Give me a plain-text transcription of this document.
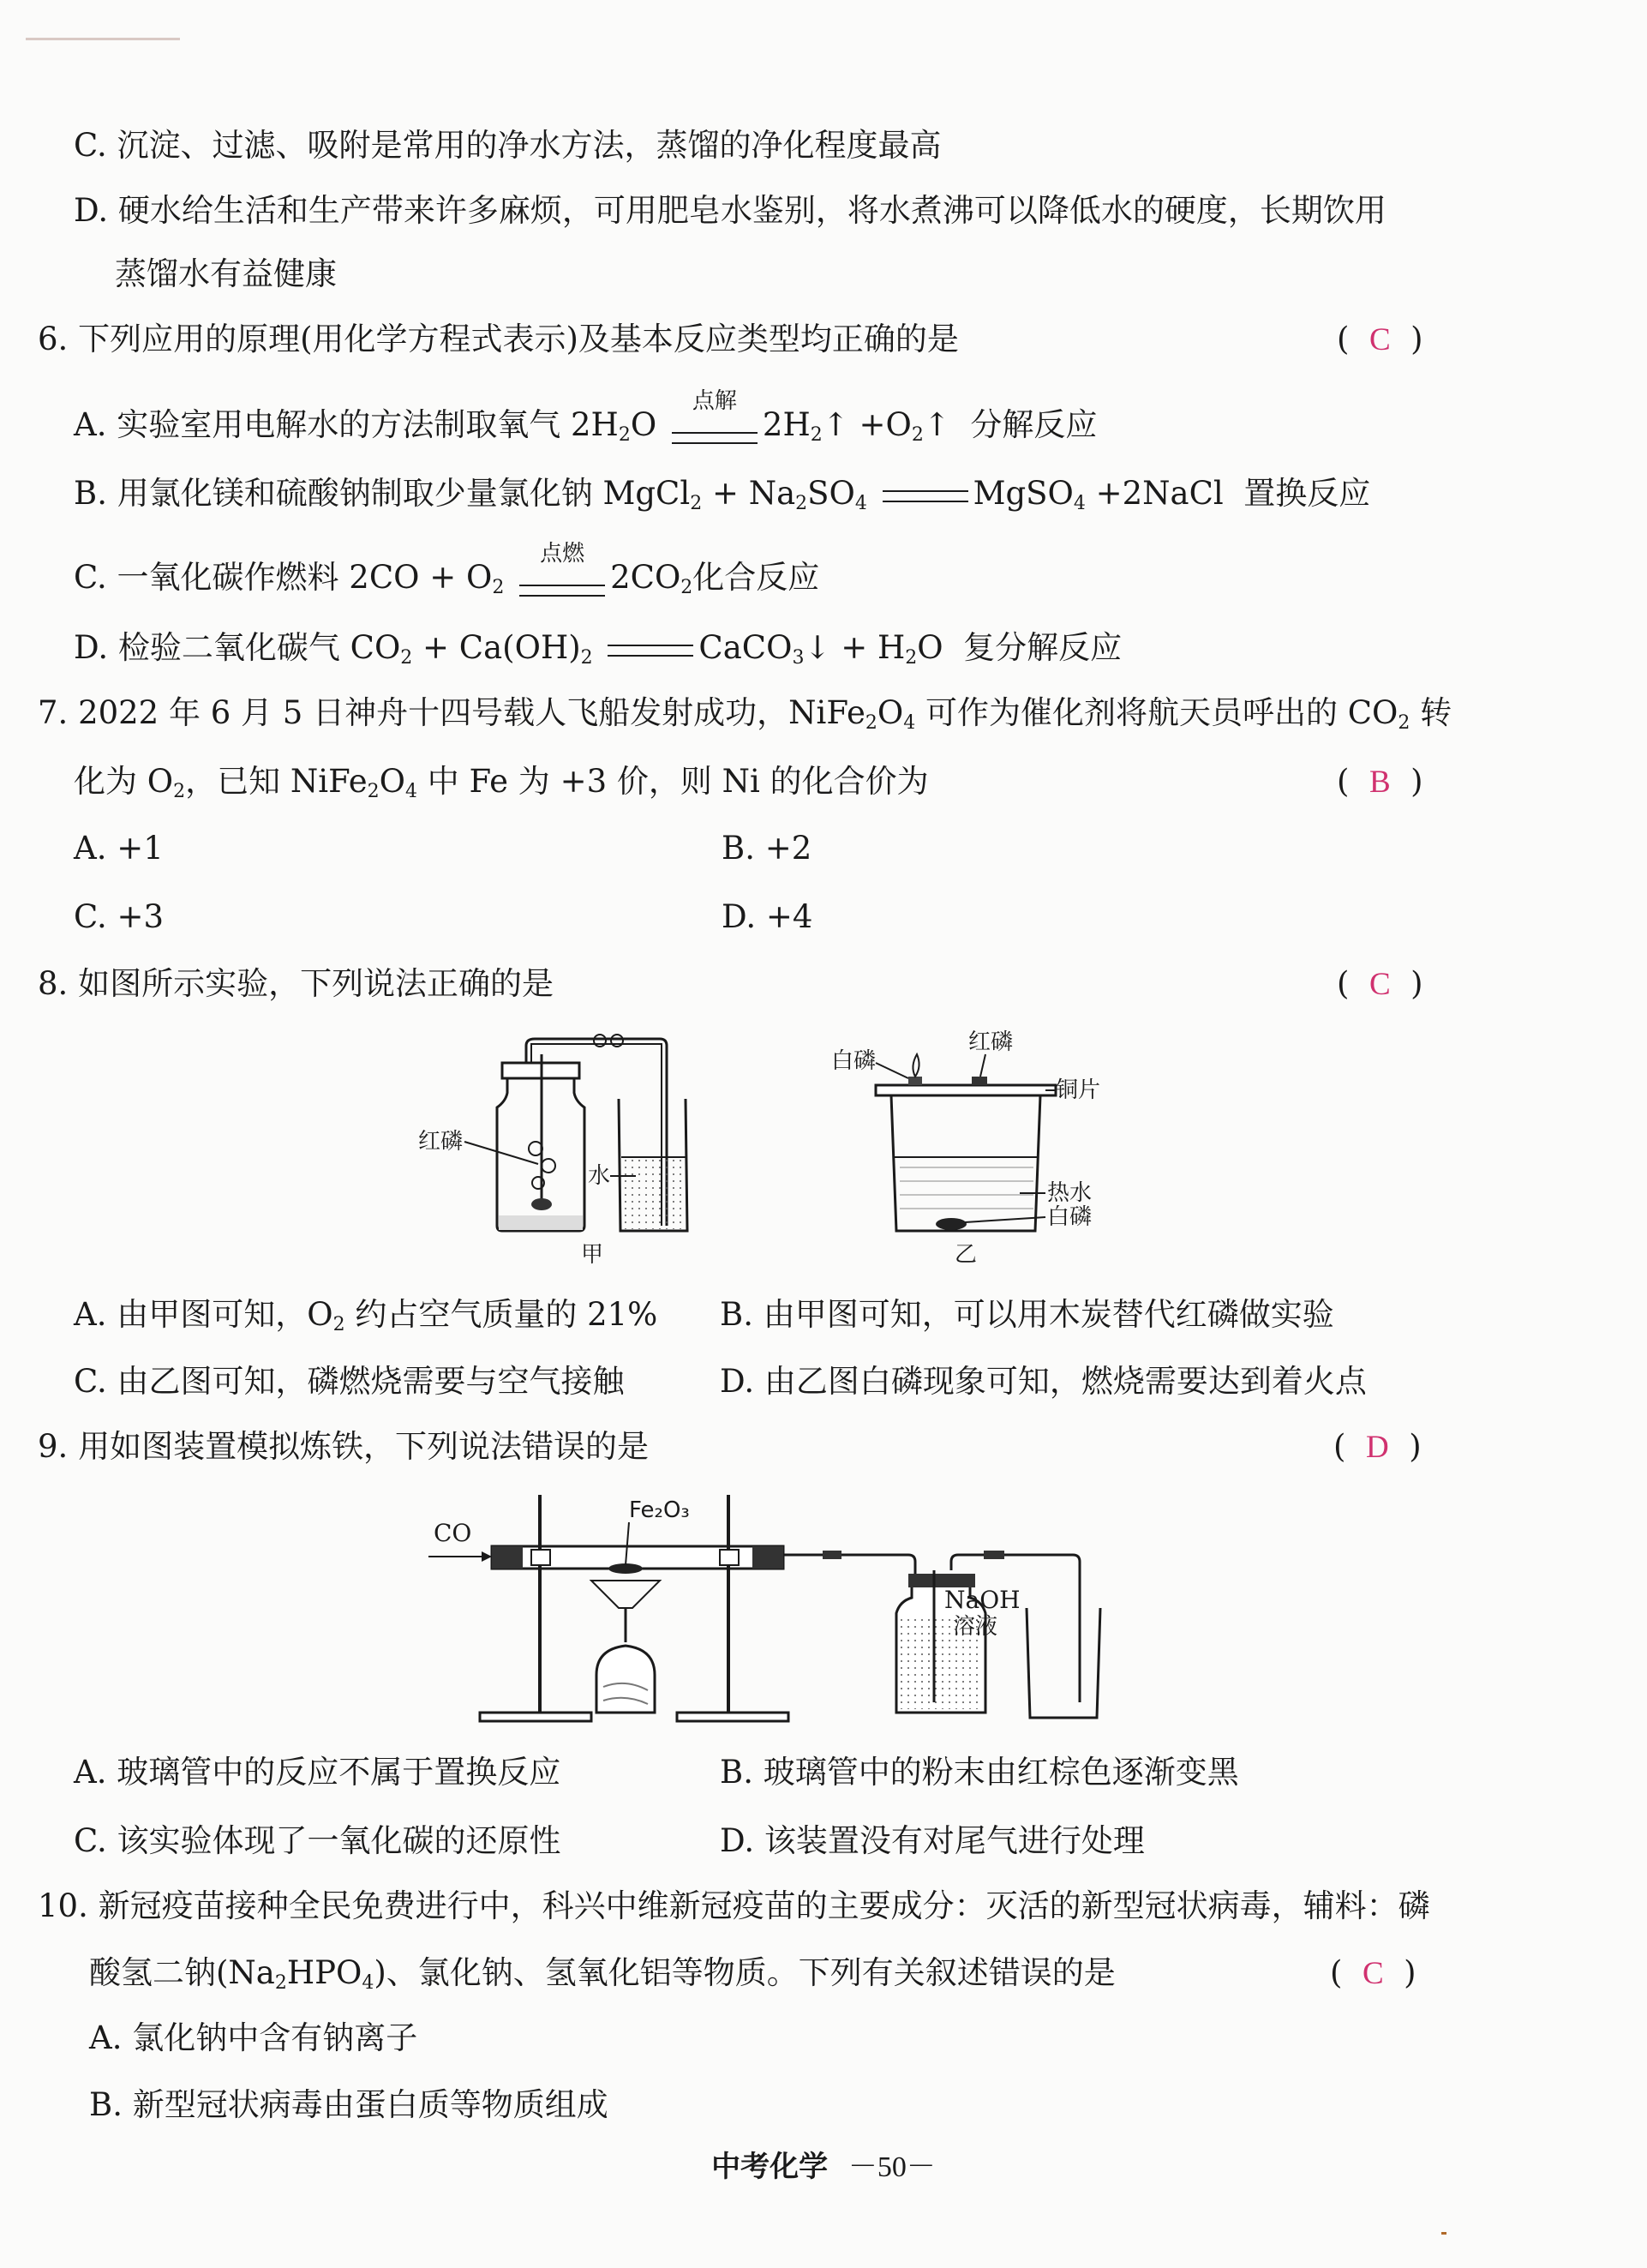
C. 沉淀、过滤、吸附是常用的净水方法，蒸馏的净化程度最高
D. 硬水给生活和生产带来许多麻烦，可用肥皂水鉴别，将水煮沸可以降低水的硬度，长期饮用
蒸馏水有益健康
6. 下列应用的原理(用化学方程式表示)及基本反应类型均正确的是	(  C  )
A. 实验室用电解水的方法制取氧气 $2H_2O$
点解
$2H_2↑$ $+O_2↑$  分解反应
B. 用氯化镁和硫酸钠制取少量氯化钠 MgCl$_2$ + $Na_2SO_4$	MgSO$_4$ +2NaCl  置换反应
C. 一氧化碳作燃料 $2CO + O_2$
点燃
$2CO_2$化合反应
D. 检验二氧化碳气 $CO_2 + Ca(OH)_2$	CaCO$_3$↓ + $H_2O$  复分解反应
7. 2022 年 6 月 5 日神舟十四号载人飞船发射成功，$NiFe_2O_4$ 可作为催化剂将航天员呼出的 $CO_2$ 转
化为 $O_2$，已知 $NiFe_2O_4$ 中 Fe 为 +3 价，则 Ni 的化合价为	(  B  )
A. +1	B. +2
C. +3	D. +4
8. 如图所示实验，下列说法正确的是	(  C  )
红磷
水
甲
白磷
红磷
铜片
热水
白磷
乙
A. 由甲图可知，$O_2$ 约占空气质量的 21% B. 由甲图可知，可以用木炭替代红磷做实验
C. 由乙图可知，磷燃烧需要与空气接触	D. 由乙图白磷现象可知，燃烧需要达到着火点
9. 用如图装置模拟炼铁，下列说法错误的是	(  D  )
CO
Fe₂O₃
NaOH
溶液
A. 玻璃管中的反应不属于置换反应	B. 玻璃管中的粉末由红棕色逐渐变黑
C. 该实验体现了一氧化碳的还原性	D. 该装置没有对尾气进行处理
10. 新冠疫苗接种全民免费进行中，科兴中维新冠疫苗的主要成分：灭活的新型冠状病毒，辅料：磷
酸氢二钠$(Na_2HPO_4)$、氯化钠、氢氧化铝等物质。下列有关叙述错误的是	(  C  )
A. 氯化钠中含有钠离子
B. 新型冠状病毒由蛋白质等物质组成
中考化学 －50－
